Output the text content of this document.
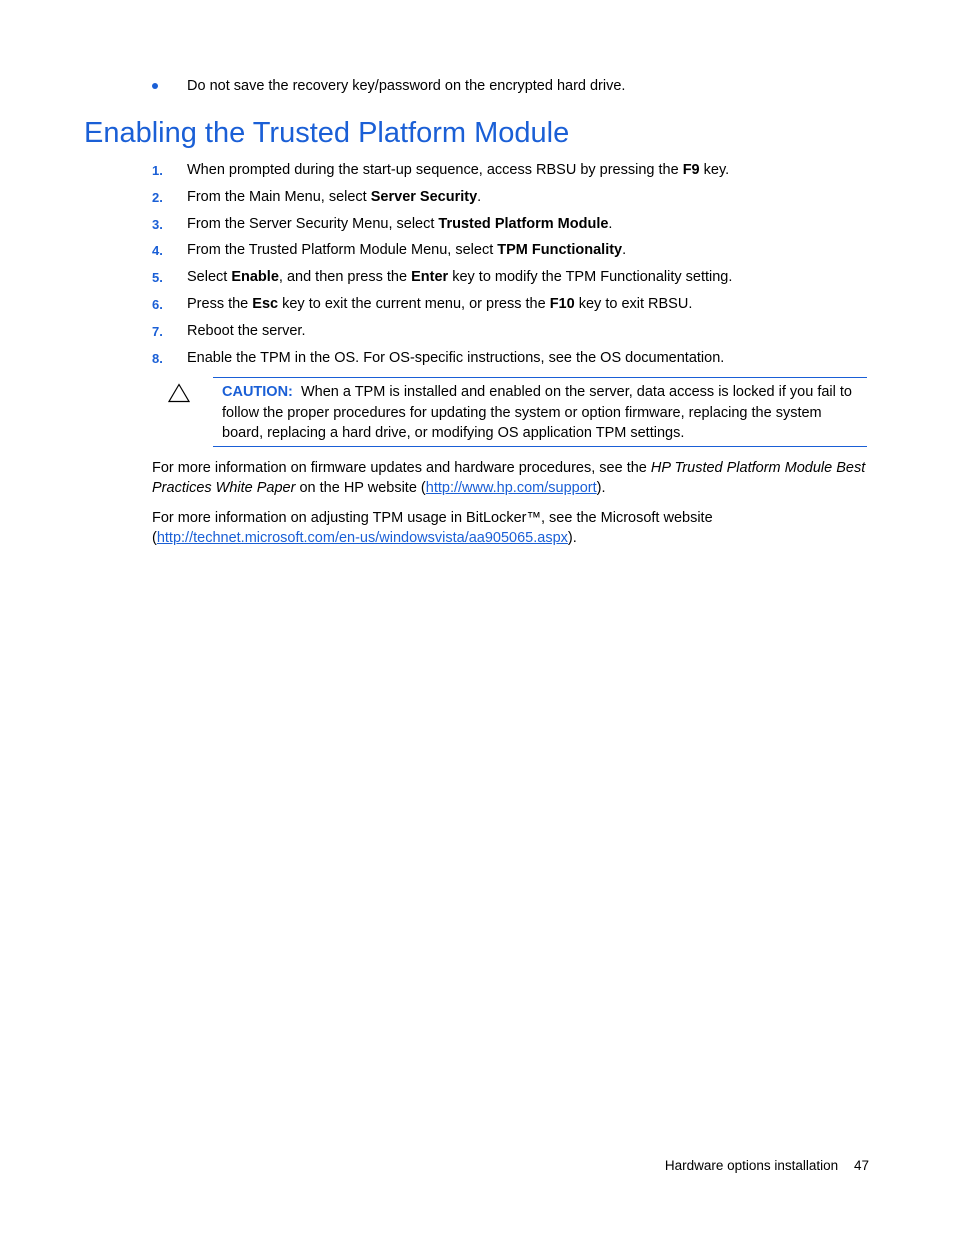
Do not save the recovery key/password on the encrypted hard drive.
Enabling the Trusted Platform Module
1. When prompted during the start-up sequence, access RBSU by pressing the F9 key.
2. From the Main Menu, select Server Security.
3. From the Server Security Menu, select Trusted Platform Module.
4. From the Trusted Platform Module Menu, select TPM Functionality.
5. Select Enable, and then press the Enter key to modify the TPM Functionality setting.
6. Press the Esc key to exit the current menu, or press the F10 key to exit RBSU.
7. Reboot the server.
8. Enable the TPM in the OS. For OS-specific instructions, see the OS documentation.
CAUTION: When a TPM is installed and enabled on the server, data access is locked if you fail to follow the proper procedures for updating the system or option firmware, replacing the system board, replacing a hard drive, or modifying OS application TPM settings.
For more information on firmware updates and hardware procedures, see the HP Trusted Platform Module Best Practices White Paper on the HP website (http://www.hp.com/support).
For more information on adjusting TPM usage in BitLocker™, see the Microsoft website (http://technet.microsoft.com/en-us/windowsvista/aa905065.aspx).
Hardware options installation 47
